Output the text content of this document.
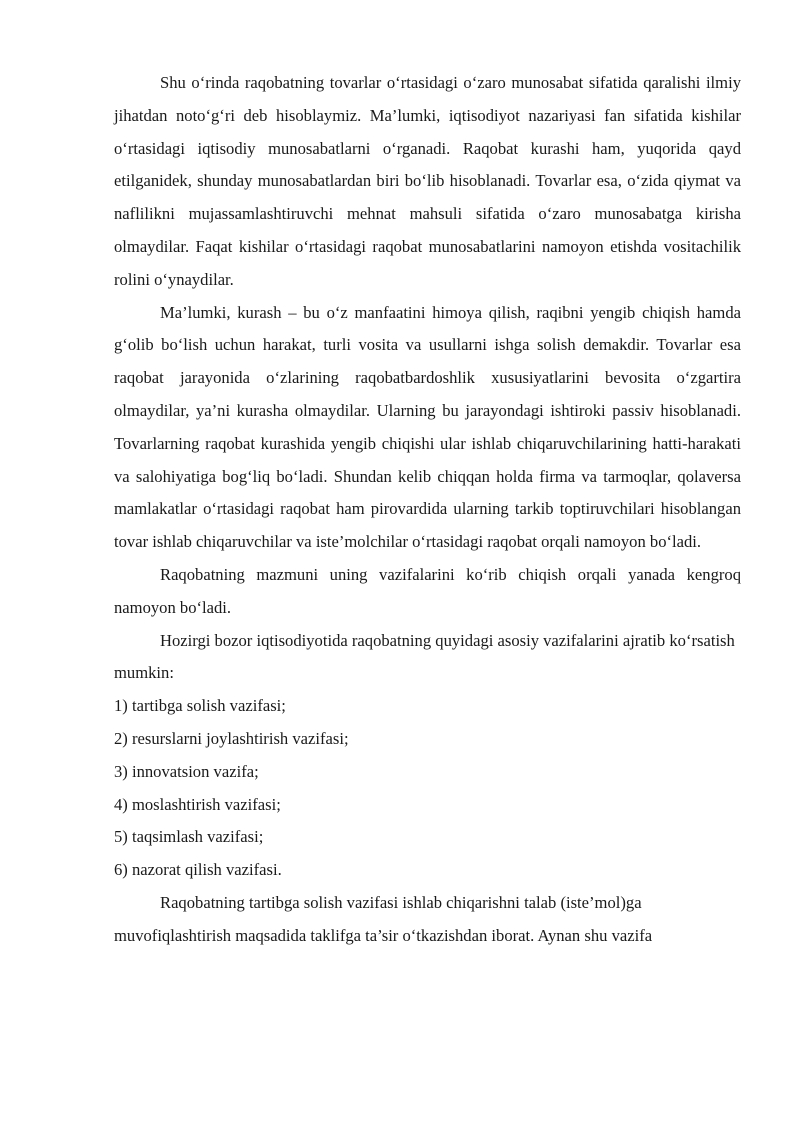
Shu o‘rinda raqobatning tovarlar o‘rtasidagi o‘zaro munosabat sifatida qaralishi ilmiy jihatdan noto‘g‘ri deb hisoblaymiz. Ma’lumki, iqtisodiyot nazariyasi fan sifatida kishilar o‘rtasidagi iqtisodiy munosabatlarni o‘rganadi. Raqobat kurashi ham, yuqorida qayd etilganidek, shunday munosabatlardan biri bo‘lib hisoblanadi. Tovarlar esa, o‘zida qiymat va naflilikni mujassamlashtiruvchi mehnat mahsuli sifatida o‘zaro munosabatga kirisha olmaydilar. Faqat kishilar o‘rtasidagi raqobat munosabatlarini namoyon etishda vositachilik rolini o‘ynaydilar.

Ma’lumki, kurash – bu o‘z manfaatini himoya qilish, raqibni yengib chiqish hamda g‘olib bo‘lish uchun harakat, turli vosita va usullarni ishga solish demakdir. Tovarlar esa raqobat jarayonida o‘zlarining raqobatbardoshlik xususiyatlarini bevosita o‘zgartira olmaydilar, ya’ni kurasha olmaydilar. Ularning bu jarayondagi ishtiroki passiv hisoblanadi. Tovarlarning raqobat kurashida yengib chiqishi ular ishlab chiqaruvchilarining hatti-harakati va salohiyatiga bog‘liq bo‘ladi. Shundan kelib chiqqan holda firma va tarmoqlar, qolaversa mamlakatlar o‘rtasidagi raqobat ham pirovardida ularning tarkib toptiruvchilari hisoblangan tovar ishlab chiqaruvchilar va iste’molchilar o‘rtasidagi raqobat orqali namoyon bo‘ladi.

Raqobatning mazmuni uning vazifalarini ko‘rib chiqish orqali yanada kengroq namoyon bo‘ladi.

Hozirgi bozor iqtisodiyotida raqobatning quyidagi asosiy vazifalarini ajratib ko‘rsatish mumkin:

1) tartibga solish vazifasi;
2) resurslarni joylashtirish vazifasi;
3) innovatsion vazifa;
4) moslashtirish vazifasi;
5) taqsimlash vazifasi;
6) nazorat qilish vazifasi.

Raqobatning tartibga solish vazifasi ishlab chiqarishni talab (iste’mol)ga muvofiqlashtirish maqsadida taklifga ta’sir o‘tkazishdan iborat. Aynan shu vazifa
